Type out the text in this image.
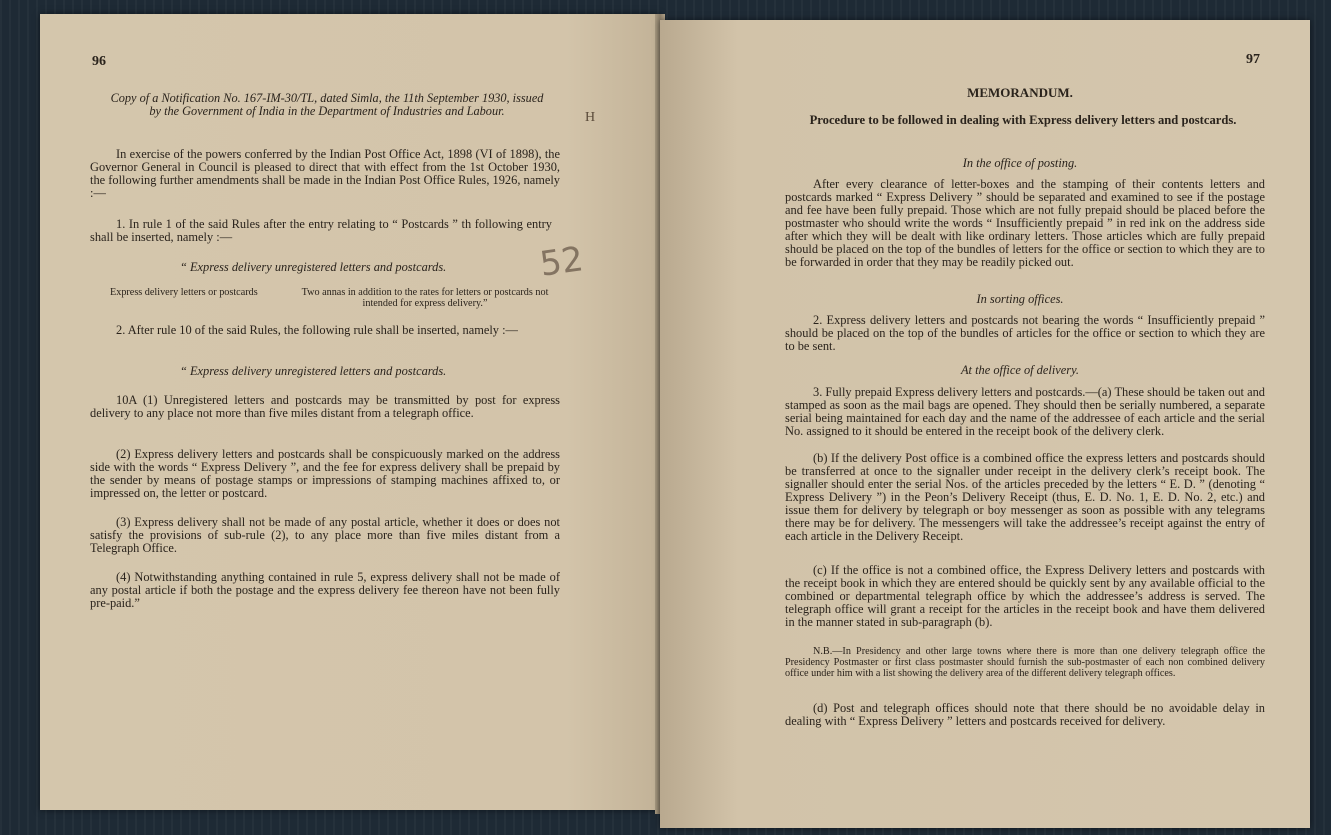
96
Copy of a Notification No. 167-IM-30/TL, dated Simla, the 11th September 1930, issued
by the Government of India in the Department of Industries and Labour.	H
In exercise of the powers conferred by the Indian Post Office Act, 1898 (VI of 1898), the Governor General in Council is pleased to direct that with effect from the 1st October 1930, the following further amendments shall be made in the Indian Post Office Rules, 1926, namely :—
1. In rule 1 of the said Rules after the entry relating to “ Postcards ” th following entry shall be inserted, namely :—
52
“ Express delivery unregistered letters and postcards.
Express delivery letters or postcards	Two annas in addition to the rates for letters or postcards not intended for express delivery.”
2. After rule 10 of the said Rules, the following rule shall be inserted, namely :—
“ Express delivery unregistered letters and postcards.
10A (1) Unregistered letters and postcards may be transmitted by post for express delivery to any place not more than five miles distant from a telegraph office.
(2) Express delivery letters and postcards shall be conspicuously marked on the address side with the words “ Express Delivery ”, and the fee for express delivery shall be prepaid by the sender by means of postage stamps or impressions of stamping machines affixed to, or impressed on, the letter or postcard.
(3) Express delivery shall not be made of any postal article, whether it does or does not satisfy the provisions of sub-rule (2), to any place more than five miles distant from a Telegraph Office.
(4) Notwithstanding anything contained in rule 5, express delivery shall not be made of any postal article if both the postage and the express delivery fee thereon have not been fully pre-paid.”
97
MEMORANDUM.
Procedure to be followed in dealing with Express delivery letters and postcards.
In the office of posting.
After every clearance of letter-boxes and the stamping of their contents letters and postcards marked “ Express Delivery ” should be separated and examined to see if the postage and fee have been fully prepaid. Those which are not fully prepaid should be placed before the postmaster who should write the words “ Insufficiently prepaid ” in red ink on the address side after which they will be dealt with like ordinary letters. Those articles which are fully prepaid should be placed on the top of the bundles of letters for the office or section to which they are to be forwarded in order that they may be readily picked out.
In sorting offices.
2. Express delivery letters and postcards not bearing the words “ Insufficiently prepaid ” should be placed on the top of the bundles of articles for the office or section to which they are to be sent.
At the office of delivery.
3. Fully prepaid Express delivery letters and postcards.—(a) These should be taken out and stamped as soon as the mail bags are opened. They should then be serially numbered, a separate serial being maintained for each day and the name of the addressee of each article and the serial No. assigned to it should be entered in the receipt book of the delivery clerk.
(b) If the delivery Post office is a combined office the express letters and postcards should be transferred at once to the signaller under receipt in the delivery clerk’s receipt book. The signaller should enter the serial Nos. of the articles preceded by the letters “ E. D. ” (denoting “ Express Delivery ”) in the Peon’s Delivery Receipt (thus, E. D. No. 1, E. D. No. 2, etc.) and issue them for delivery by telegraph or boy messenger as soon as possible with any telegrams there may be for delivery. The messengers will take the addressee’s receipt against the entry of each article in the Delivery Receipt.
(c) If the office is not a combined office, the Express Delivery letters and postcards with the receipt book in which they are entered should be quickly sent by any available official to the combined or departmental telegraph office by which the addressee’s address is served. The telegraph office will grant a receipt for the articles in the receipt book and have them delivered in the manner stated in sub-paragraph (b).
N.B.—In Presidency and other large towns where there is more than one delivery telegraph office the Presidency Postmaster or first class postmaster should furnish the sub-postmaster of each non combined delivery office under him with a list showing the delivery area of the different delivery telegraph offices.
(d) Post and telegraph offices should note that there should be no avoidable delay in dealing with “ Express Delivery ” letters and postcards received for delivery.
